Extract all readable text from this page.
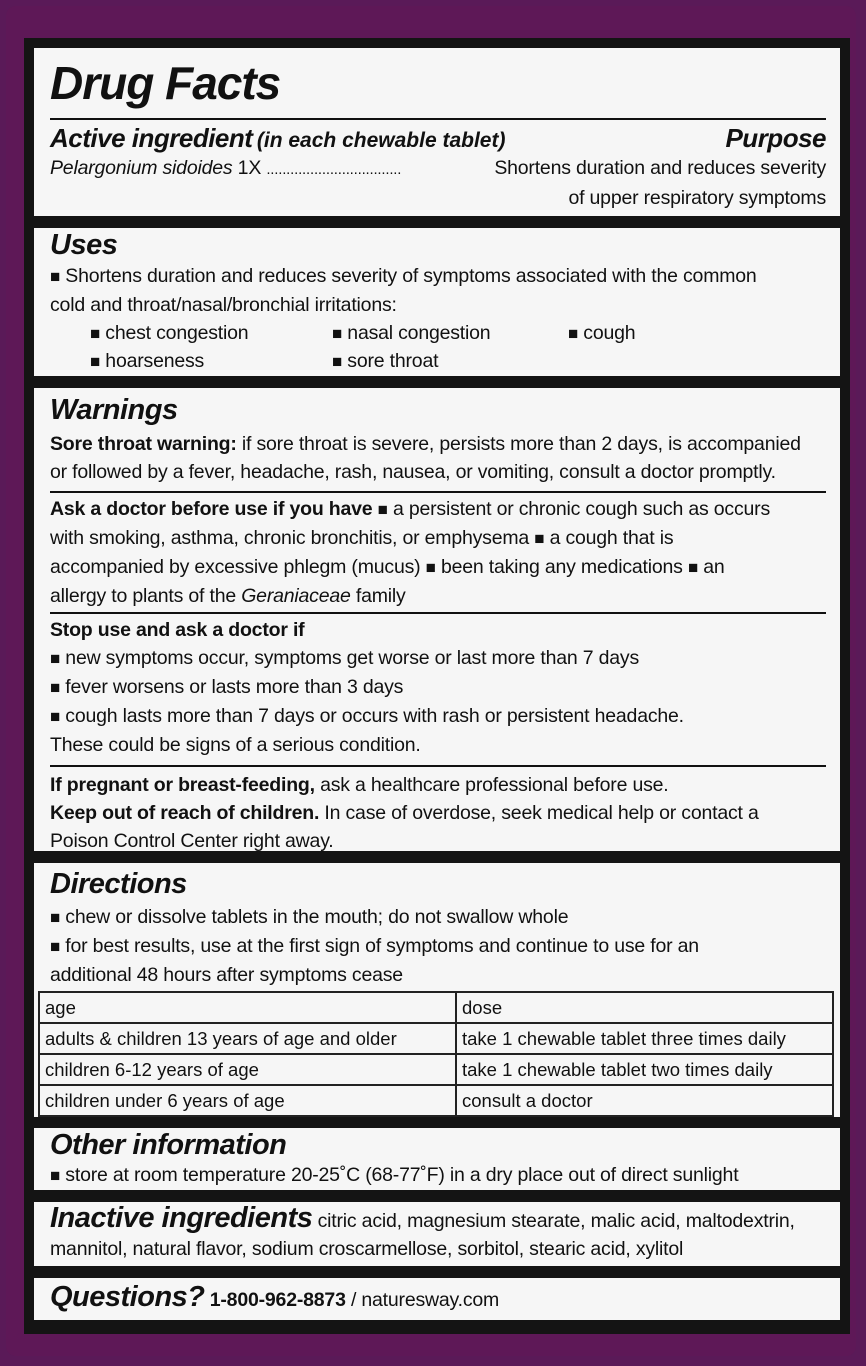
Drug Facts
Active ingredient (in each chewable tablet)	Purpose
Pelargonium sidoides 1X ..................................	Shortens duration and reduces severity
of upper respiratory symptoms
Uses
■ Shortens duration and reduces severity of symptoms associated with the common
cold and throat/nasal/bronchial irritations:
■ chest congestion	■ nasal congestion	■ cough
■ hoarseness	■ sore throat
Warnings
Sore throat warning: if sore throat is severe, persists more than 2 days, is accompanied
or followed by a fever, headache, rash, nausea, or vomiting, consult a doctor promptly.
Ask a doctor before use if you have ■ a persistent or chronic cough such as occurs
with smoking, asthma, chronic bronchitis, or emphysema ■ a cough that is
accompanied by excessive phlegm (mucus) ■ been taking any medications ■ an
allergy to plants of the Geraniaceae family
Stop use and ask a doctor if
■ new symptoms occur, symptoms get worse or last more than 7 days
■ fever worsens or lasts more than 3 days
■ cough lasts more than 7 days or occurs with rash or persistent headache.
These could be signs of a serious condition.
If pregnant or breast-feeding, ask a healthcare professional before use.
Keep out of reach of children. In case of overdose, seek medical help or contact a
Poison Control Center right away.
Directions
■ chew or dissolve tablets in the mouth; do not swallow whole
■ for best results, use at the first sign of symptoms and continue to use for an
additional 48 hours after symptoms cease
age	dose
adults & children 13 years of age and older	take 1 chewable tablet three times daily
children 6-12 years of age	take 1 chewable tablet two times daily
children under 6 years of age	consult a doctor
Other information
■ store at room temperature 20-25˚C (68-77˚F) in a dry place out of direct sunlight
Inactive ingredients citric acid, magnesium stearate, malic acid, maltodextrin,
mannitol, natural flavor, sodium croscarmellose, sorbitol, stearic acid, xylitol
Questions? 1-800-962-8873 / naturesway.com
